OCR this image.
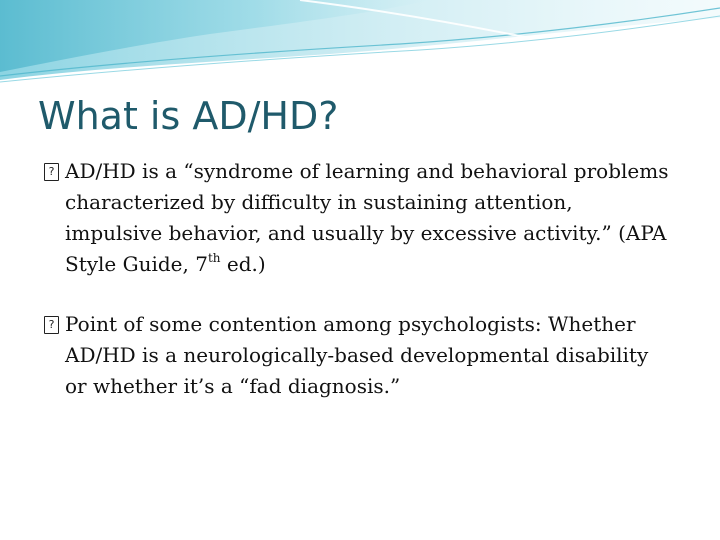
What is AD/HD?
? AD/HD is a “syndrome of learning and behavioral problems characterized by difficulty in sustaining attention, impulsive behavior, and usually by excessive activity.” (APA Style Guide, 7th ed.)
? Point of some contention among psychologists: Whether AD/HD is a neurologically-based developmental disability or whether it’s a “fad diagnosis.”
